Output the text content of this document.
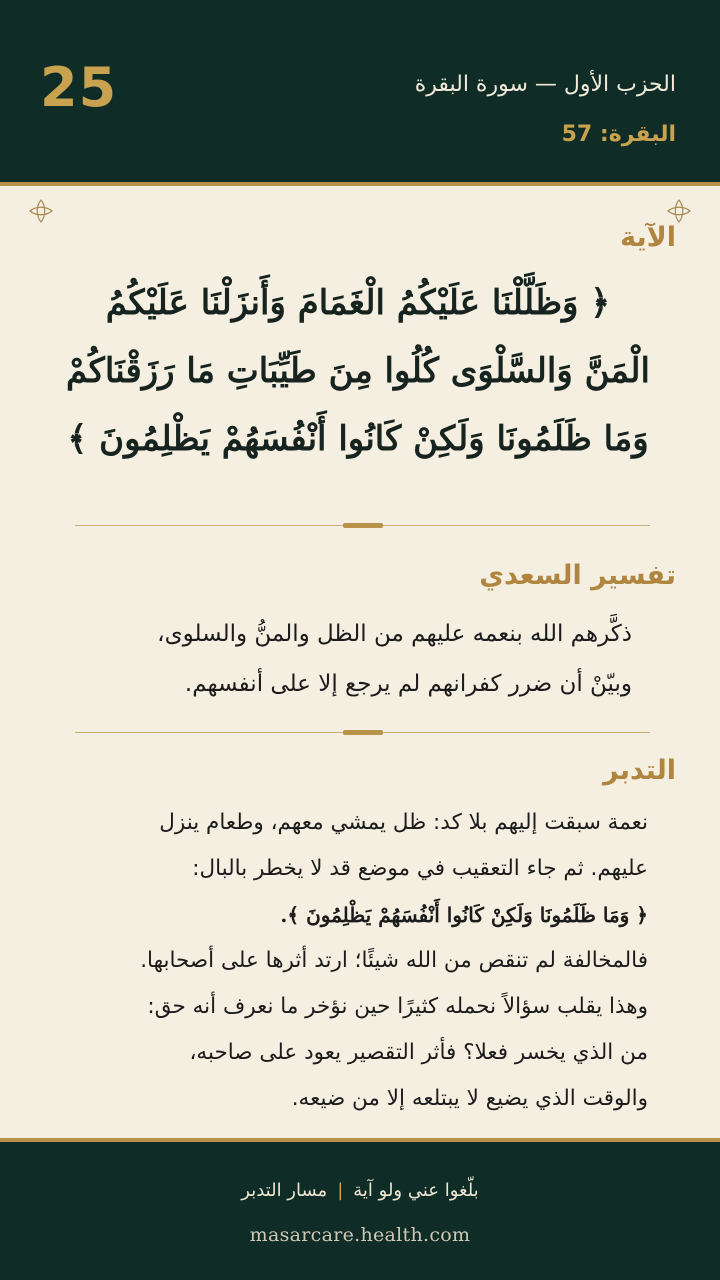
25	الحزب الأول — سورة البقرة
البقرة: 57
الآية
﴿ وَظَلَّلْنَا عَلَيْكُمُ الْغَمَامَ وَأَنزَلْنَا عَلَيْكُمُ
الْمَنَّ وَالسَّلْوَى كُلُوا مِنَ طَيِّبَاتِ مَا رَزَقْنَاكُمْ
وَمَا ظَلَمُونَا وَلَكِنْ كَانُوا أَنْفُسَهُمْ يَظْلِمُونَ ﴾
تفسير السعدي
ذكَّرهم الله بنعمه عليهم من الظل والمنُّ والسلوى،
وبيّنْ أن ضرر كفرانهم لم يرجع إلا على أنفسهم.
التدبر
نعمة سبقت إليهم بلا كد: ظل يمشي معهم، وطعام ينزل
عليهم. ثم جاء التعقيب في موضع قد لا يخطر بالبال:
﴿ وَمَا ظَلَمُونَا وَلَكِنْ كَانُوا أَنْفُسَهُمْ يَظْلِمُونَ ﴾.
فالمخالفة لم تنقص من الله شيئًا؛ ارتد أثرها على أصحابها.
وهذا يقلب سؤالاً نحمله كثيرًا حين نؤخر ما نعرف أنه حق:
من الذي يخسر فعلا؟ فأثر التقصير يعود على صاحبه،
والوقت الذي يضيع لا يبتلعه إلا من ضيعه.
بلّغوا عني ولو آية|مسار التدبر
masarcare.health.com
